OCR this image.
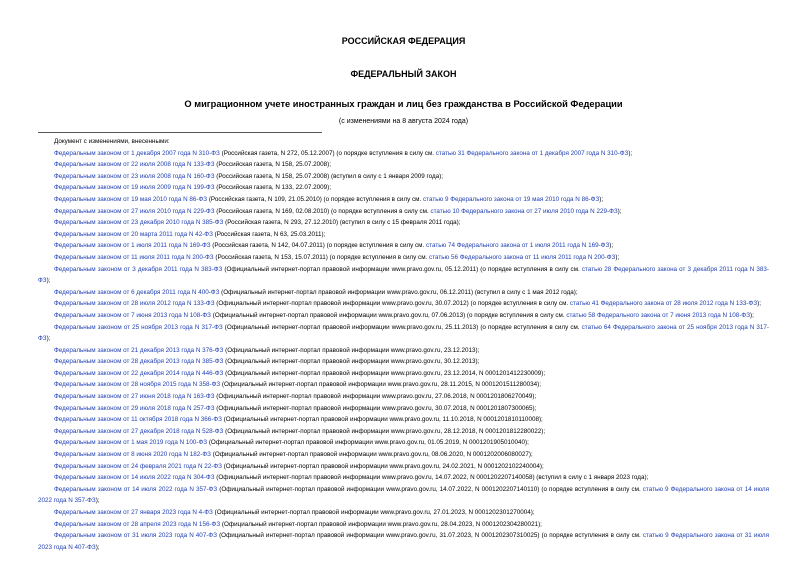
РОССИЙСКАЯ ФЕДЕРАЦИЯ
ФЕДЕРАЛЬНЫЙ ЗАКОН
О миграционном учете иностранных граждан и лиц без гражданства в Российской Федерации
(с изменениями на 8 августа 2024 года)

Документ с изменениями, внесенными:

Федеральным законом от 1 декабря 2007 года N 310-ФЗ (Российская газета, N 272, 05.12.2007) (о порядке вступления в силу см. статью 31 Федерального закона от 1 декабря 2007 года N 310-ФЗ);

Федеральным законом от 22 июля 2008 года N 133-ФЗ (Российская газета, N 158, 25.07.2008);

Федеральным законом от 23 июля 2008 года N 160-ФЗ (Российская газета, N 158, 25.07.2008) (вступил в силу с 1 января 2009 года);

Федеральным законом от 19 июля 2009 года N 199-ФЗ (Российская газета, N 133, 22.07.2009);

Федеральным законом от 19 мая 2010 года N 86-ФЗ (Российская газета, N 109, 21.05.2010) (о порядке вступления в силу см. статью 9 Федерального закона от 19 мая 2010 года N 86-ФЗ);

Федеральным законом от 27 июля 2010 года N 229-ФЗ (Российская газета, N 169, 02.08.2010) (о порядке вступления в силу см. статью 10 Федерального закона от 27 июля 2010 года N 229-ФЗ);

Федеральным законом от 23 декабря 2010 года N 385-ФЗ (Российская газета, N 293, 27.12.2010) (вступил в силу с 15 февраля 2011 года);

Федеральным законом от 20 марта 2011 года N 42-ФЗ (Российская газета, N 63, 25.03.2011);

Федеральным законом от 1 июля 2011 года N 169-ФЗ (Российская газета, N 142, 04.07.2011) (о порядке вступления в силу см. статью 74 Федерального закона от 1 июля 2011 года N 169-ФЗ);

Федеральным законом от 11 июля 2011 года N 200-ФЗ (Российская газета, N 153, 15.07.2011) (о порядке вступления в силу см. статью 56 Федерального закона от 11 июля 2011 года N 200-ФЗ);

Федеральным законом от 3 декабря 2011 года N 383-ФЗ (Официальный интернет-портал правовой информации www.pravo.gov.ru, 05.12.2011) (о порядке вступления в силу см. статью 28 Федерального закона от 3 декабря 2011 года N 383-ФЗ);

Федеральным законом от 6 декабря 2011 года N 400-ФЗ (Официальный интернет-портал правовой информации www.pravo.gov.ru, 06.12.2011) (вступил в силу с 1 мая 2012 года);

Федеральным законом от 28 июля 2012 года N 133-ФЗ (Официальный интернет-портал правовой информации www.pravo.gov.ru, 30.07.2012) (о порядке вступления в силу см. статью 41 Федерального закона от 28 июля 2012 года N 133-ФЗ);

Федеральным законом от 7 июня 2013 года N 108-ФЗ (Официальный интернет-портал правовой информации www.pravo.gov.ru, 07.06.2013) (о порядке вступления в силу см. статью 58 Федерального закона от 7 июня 2013 года N 108-ФЗ);

Федеральным законом от 25 ноября 2013 года N 317-ФЗ (Официальный интернет-портал правовой информации www.pravo.gov.ru, 25.11.2013) (о порядке вступления в силу см. статью 64 Федерального закона от 25 ноября 2013 года N 317-ФЗ);

Федеральным законом от 21 декабря 2013 года N 376-ФЗ (Официальный интернет-портал правовой информации www.pravo.gov.ru, 23.12.2013);

Федеральным законом от 28 декабря 2013 года N 385-ФЗ (Официальный интернет-портал правовой информации www.pravo.gov.ru, 30.12.2013);

Федеральным законом от 22 декабря 2014 года N 446-ФЗ (Официальный интернет-портал правовой информации www.pravo.gov.ru, 23.12.2014, N 0001201412230009);

Федеральным законом от 28 ноября 2015 года N 358-ФЗ (Официальный интернет-портал правовой информации www.pravo.gov.ru, 28.11.2015, N 0001201511280034);

Федеральным законом от 27 июня 2018 года N 163-ФЗ (Официальный интернет-портал правовой информации www.pravo.gov.ru, 27.06.2018, N 0001201806270049);

Федеральным законом от 29 июля 2018 года N 257-ФЗ (Официальный интернет-портал правовой информации www.pravo.gov.ru, 30.07.2018, N 0001201807300065);

Федеральным законом от 11 октября 2018 года N 366-ФЗ (Официальный интернет-портал правовой информации www.pravo.gov.ru, 11.10.2018, N 0001201810110008);

Федеральным законом от 27 декабря 2018 года N 528-ФЗ (Официальный интернет-портал правовой информации www.pravo.gov.ru, 28.12.2018, N 0001201812280022);

Федеральным законом от 1 мая 2019 года N 100-ФЗ (Официальный интернет-портал правовой информации www.pravo.gov.ru, 01.05.2019, N 0001201905010040);

Федеральным законом от 8 июня 2020 года N 182-ФЗ (Официальный интернет-портал правовой информации www.pravo.gov.ru, 08.06.2020, N 0001202006080027);

Федеральным законом от 24 февраля 2021 года N 22-ФЗ (Официальный интернет-портал правовой информации www.pravo.gov.ru, 24.02.2021, N 0001202102240004);

Федеральным законом от 14 июля 2022 года N 304-ФЗ (Официальный интернет-портал правовой информации www.pravo.gov.ru, 14.07.2022, N 0001202207140058) (вступил в силу с 1 января 2023 года);

Федеральным законом от 14 июля 2022 года N 357-ФЗ (Официальный интернет-портал правовой информации www.pravo.gov.ru, 14.07.2022, N 0001202207140110) (о порядке вступления в силу см. статью 9 Федерального закона от 14 июля 2022 года N 357-ФЗ);

Федеральным законом от 27 января 2023 года N 4-ФЗ (Официальный интернет-портал правовой информации www.pravo.gov.ru, 27.01.2023, N 0001202301270004);

Федеральным законом от 28 апреля 2023 года N 156-ФЗ (Официальный интернет-портал правовой информации www.pravo.gov.ru, 28.04.2023, N 0001202304280021);

Федеральным законом от 31 июля 2023 года N 407-ФЗ (Официальный интернет-портал правовой информации www.pravo.gov.ru, 31.07.2023, N 0001202307310025) (о порядке вступления в силу см. статью 9 Федерального закона от 31 июля 2023 года N 407-ФЗ);
